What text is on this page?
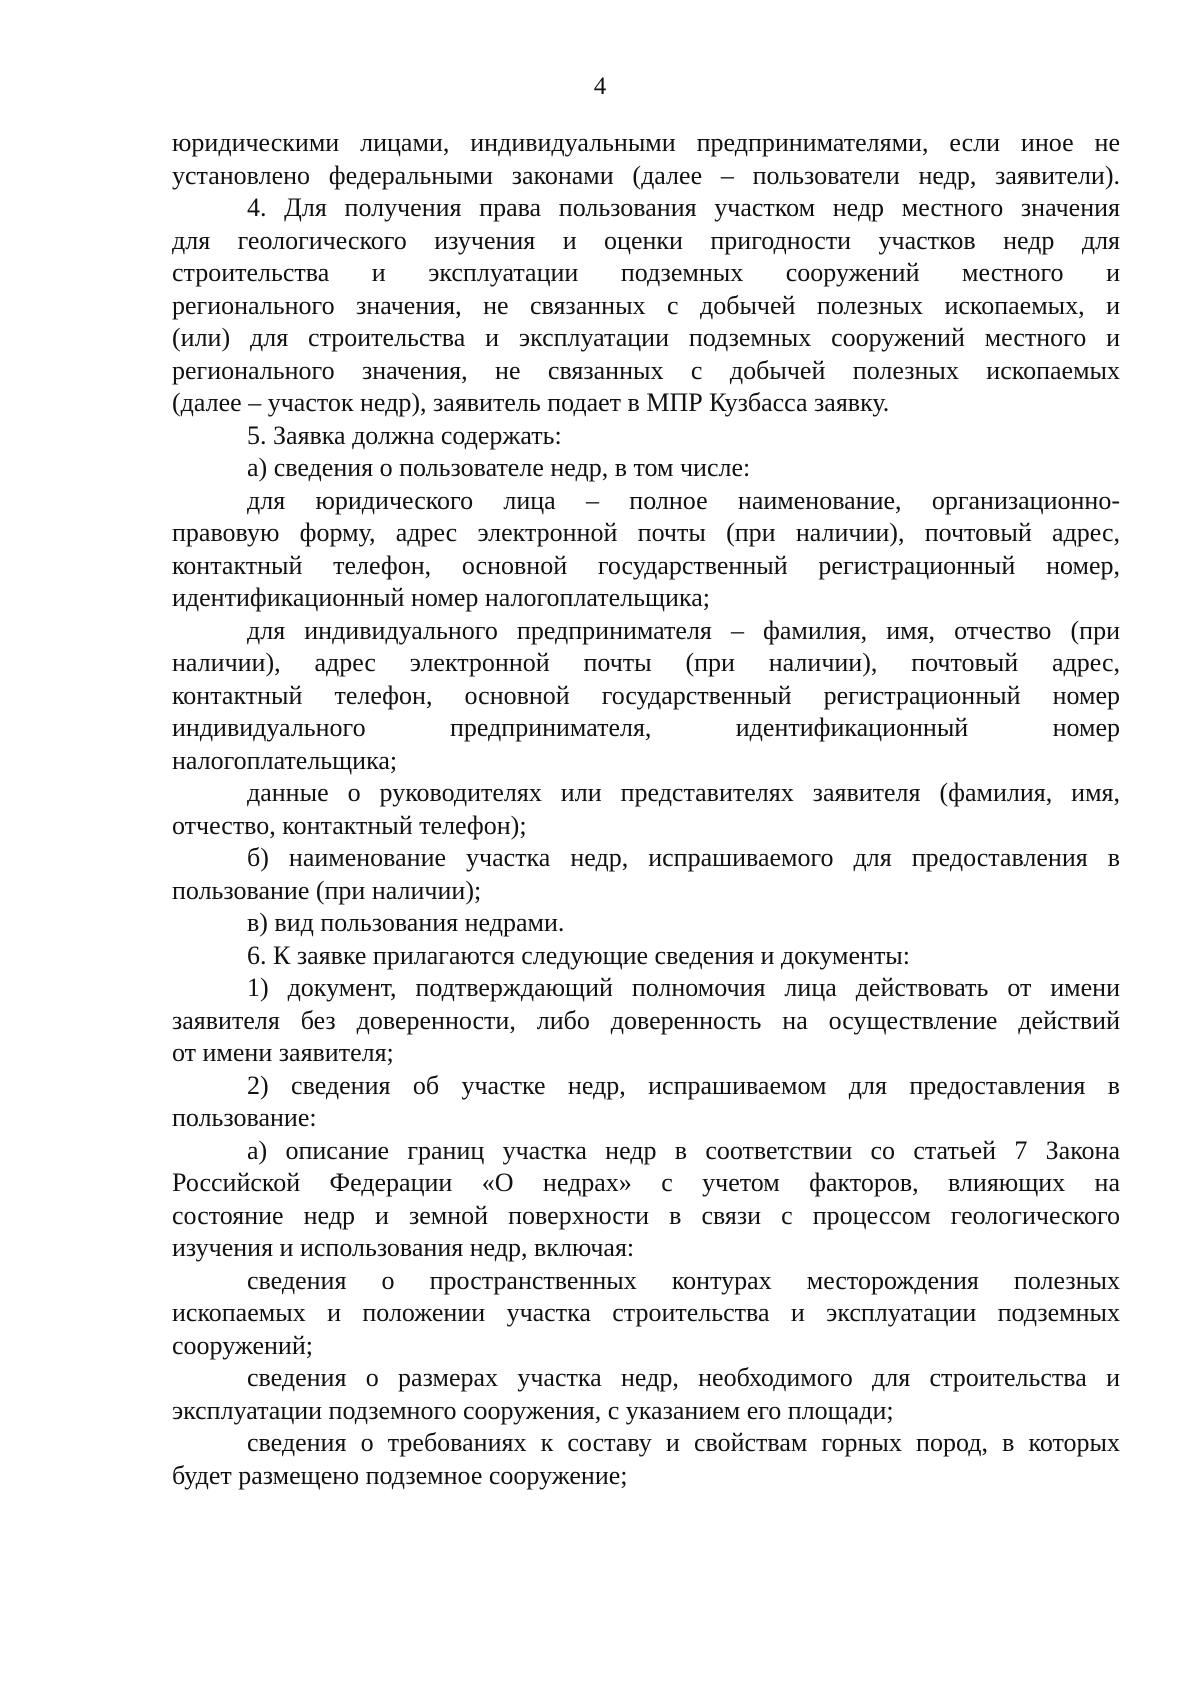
4
юридическими лицами, индивидуальными предпринимателями, если иное не
установлено федеральными законами (далее – пользователи недр, заявители).
4. Для получения права пользования участком недр местного значения
для геологического изучения и оценки пригодности участков недр для
строительства и эксплуатации подземных сооружений местного и
регионального значения, не связанных с добычей полезных ископаемых, и
(или) для строительства и эксплуатации подземных сооружений местного и
регионального значения, не связанных с добычей полезных ископаемых
(далее – участок недр), заявитель подает в МПР Кузбасса заявку.
5. Заявка должна содержать:
а) сведения о пользователе недр, в том числе:
для юридического лица – полное наименование, организационно-
правовую форму, адрес электронной почты (при наличии), почтовый адрес,
контактный телефон, основной государственный регистрационный номер,
идентификационный номер налогоплательщика;
для индивидуального предпринимателя – фамилия, имя, отчество (при
наличии), адрес электронной почты (при наличии), почтовый адрес,
контактный телефон, основной государственный регистрационный номер
индивидуального предпринимателя, идентификационный номер
налогоплательщика;
данные о руководителях или представителях заявителя (фамилия, имя,
отчество, контактный телефон);
б) наименование участка недр, испрашиваемого для предоставления в
пользование (при наличии);
в) вид пользования недрами.
6. К заявке прилагаются следующие сведения и документы:
1) документ, подтверждающий полномочия лица действовать от имени
заявителя без доверенности, либо доверенность на осуществление действий
от имени заявителя;
2) сведения об участке недр, испрашиваемом для предоставления в
пользование:
а) описание границ участка недр в соответствии со статьей 7 Закона
Российской Федерации «О недрах» с учетом факторов, влияющих на
состояние недр и земной поверхности в связи с процессом геологического
изучения и использования недр, включая:
сведения о пространственных контурах месторождения полезных
ископаемых и положении участка строительства и эксплуатации подземных
сооружений;
сведения о размерах участка недр, необходимого для строительства и
эксплуатации подземного сооружения, с указанием его площади;
сведения о требованиях к составу и свойствам горных пород, в которых
будет размещено подземное сооружение;
